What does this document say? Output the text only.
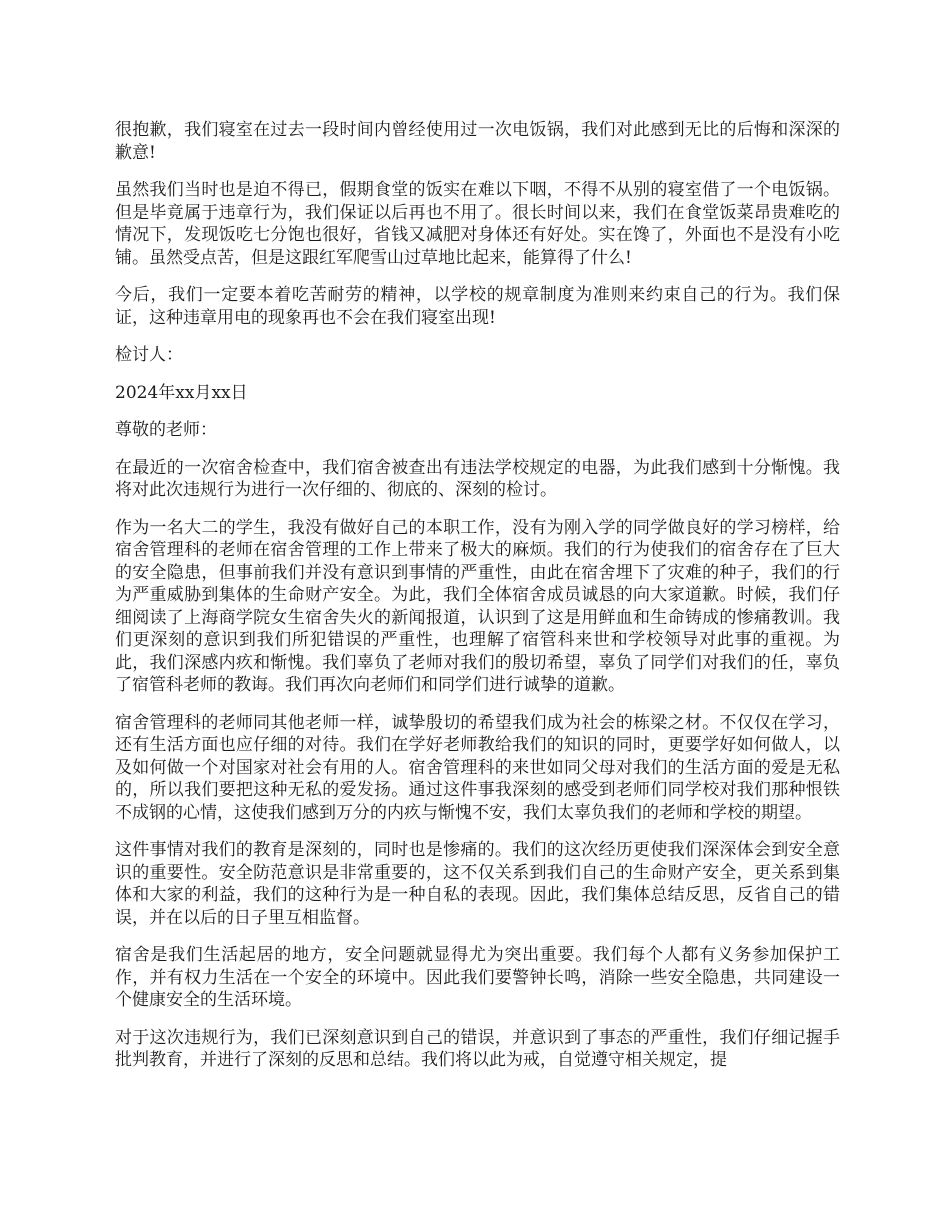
很抱歉，我们寝室在过去一段时间内曾经使用过一次电饭锅，我们对此感到无比的后悔和深深的歉意!

虽然我们当时也是迫不得已，假期食堂的饭实在难以下咽，不得不从别的寝室借了一个电饭锅。但是毕竟属于违章行为，我们保证以后再也不用了。很长时间以来，我们在食堂饭菜昂贵难吃的情况下，发现饭吃七分饱也很好，省钱又减肥对身体还有好处。实在馋了，外面也不是没有小吃铺。虽然受点苦，但是这跟红军爬雪山过草地比起来，能算得了什么!

今后，我们一定要本着吃苦耐劳的精神，以学校的规章制度为准则来约束自己的行为。我们保证，这种违章用电的现象再也不会在我们寝室出现!

检讨人：

2024年xx月xx日

尊敬的老师：

在最近的一次宿舍检查中，我们宿舍被查出有违法学校规定的电器，为此我们感到十分惭愧。我将对此次违规行为进行一次仔细的、彻底的、深刻的检讨。

作为一名大二的学生，我没有做好自己的本职工作，没有为刚入学的同学做良好的学习榜样，给宿舍管理科的老师在宿舍管理的工作上带来了极大的麻烦。我们的行为使我们的宿舍存在了巨大的安全隐患，但事前我们并没有意识到事情的严重性，由此在宿舍埋下了灾难的种子，我们的行为严重威胁到集体的生命财产安全。为此，我们全体宿舍成员诚恳的向大家道歉。时候，我们仔细阅读了上海商学院女生宿舍失火的新闻报道，认识到了这是用鲜血和生命铸成的惨痛教训。我们更深刻的意识到我们所犯错误的严重性，也理解了宿管科来世和学校领导对此事的重视。为此，我们深感内疚和惭愧。我们辜负了老师对我们的殷切希望，辜负了同学们对我们的任，辜负了宿管科老师的教诲。我们再次向老师们和同学们进行诚挚的道歉。

宿舍管理科的老师同其他老师一样，诚挚殷切的希望我们成为社会的栋梁之材。不仅仅在学习，还有生活方面也应仔细的对待。我们在学好老师教给我们的知识的同时，更要学好如何做人，以及如何做一个对国家对社会有用的人。宿舍管理科的来世如同父母对我们的生活方面的爱是无私的，所以我们要把这种无私的爱发扬。通过这件事我深刻的感受到老师们同学校对我们那种恨铁不成钢的心情，这使我们感到万分的内疚与惭愧不安，我们太辜负我们的老师和学校的期望。

这件事情对我们的教育是深刻的，同时也是惨痛的。我们的这次经历更使我们深深体会到安全意识的重要性。安全防范意识是非常重要的，这不仅关系到我们自己的生命财产安全，更关系到集体和大家的利益，我们的这种行为是一种自私的表现。因此，我们集体总结反思，反省自己的错误，并在以后的日子里互相监督。

宿舍是我们生活起居的地方，安全问题就显得尤为突出重要。我们每个人都有义务参加保护工作，并有权力生活在一个安全的环境中。因此我们要警钟长鸣，消除一些安全隐患，共同建设一个健康安全的生活环境。

对于这次违规行为，我们已深刻意识到自己的错误，并意识到了事态的严重性，我们仔细记握手批判教育，并进行了深刻的反思和总结。我们将以此为戒，自觉遵守相关规定，提
